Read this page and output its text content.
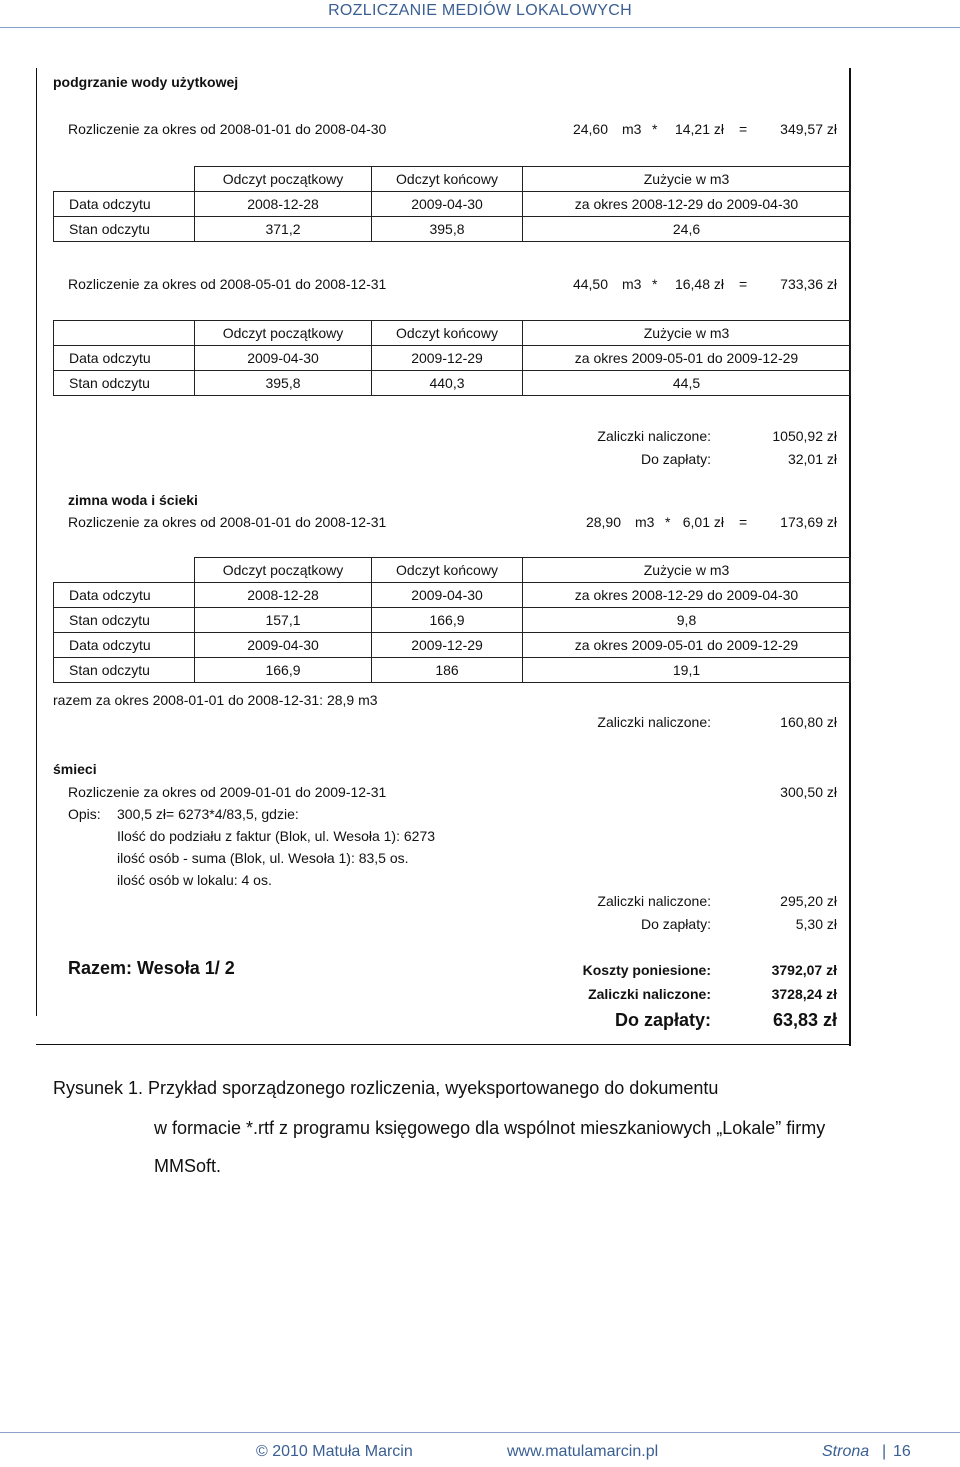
ROZLICZANIE MEDIÓW LOKALOWYCH
podgrzanie wody użytkowej
Rozliczenie za okres od 2008-01-01 do 2008-04-30	24,60 m3 *	14,21 zł =	349,57 zł
	Odczyt początkowy	Odczyt końcowy	Zużycie w m3
Data odczytu	2008-12-28	2009-04-30	za okres 2008-12-29 do 2009-04-30
Stan odczytu	371,2	395,8	24,6
Rozliczenie za okres od 2008-05-01 do 2008-12-31	44,50 m3 *	16,48 zł =	733,36 zł
	Odczyt początkowy	Odczyt końcowy	Zużycie w m3
Data odczytu	2009-04-30	2009-12-29	za okres 2009-05-01 do 2009-12-29
Stan odczytu	395,8	440,3	44,5
Zaliczki naliczone:	1050,92 zł
Do zapłaty:	32,01 zł
zimna woda i ścieki
Rozliczenie za okres od 2008-01-01 do 2008-12-31	28,90 m3 * 6,01 zł =	173,69 zł
	Odczyt początkowy	Odczyt końcowy	Zużycie w m3
Data odczytu	2008-12-28	2009-04-30	za okres 2008-12-29 do 2009-04-30
Stan odczytu	157,1	166,9	9,8
Data odczytu	2009-04-30	2009-12-29	za okres 2009-05-01 do 2009-12-29
Stan odczytu	166,9	186	19,1
razem za okres 2008-01-01 do 2008-12-31: 28,9 m3
Zaliczki naliczone:	160,80 zł
śmieci
Rozliczenie za okres od 2009-01-01 do 2009-12-31	300,50 zł
Opis: 300,5 zł= 6273*4/83,5, gdzie:
Ilość do podziału z faktur (Blok, ul. Wesoła 1): 6273
ilość osób - suma (Blok, ul. Wesoła 1): 83,5 os.
ilość osób w lokalu: 4 os.
Zaliczki naliczone:	295,20 zł
Do zapłaty:	5,30 zł
Razem: Wesoła 1/ 2	Koszty poniesione:	3792,07 zł
Zaliczki naliczone:	3728,24 zł
Do zapłaty:	63,83 zł
Rysunek 1. Przykład sporządzonego rozliczenia, wyeksportowanego do dokumentu
w formacie *.rtf z programu księgowego dla wspólnot mieszkaniowych „Lokale” firmy
MMSoft.
© 2010 Matuła Marcin	www.matulamarcin.pl	Strona | 16
